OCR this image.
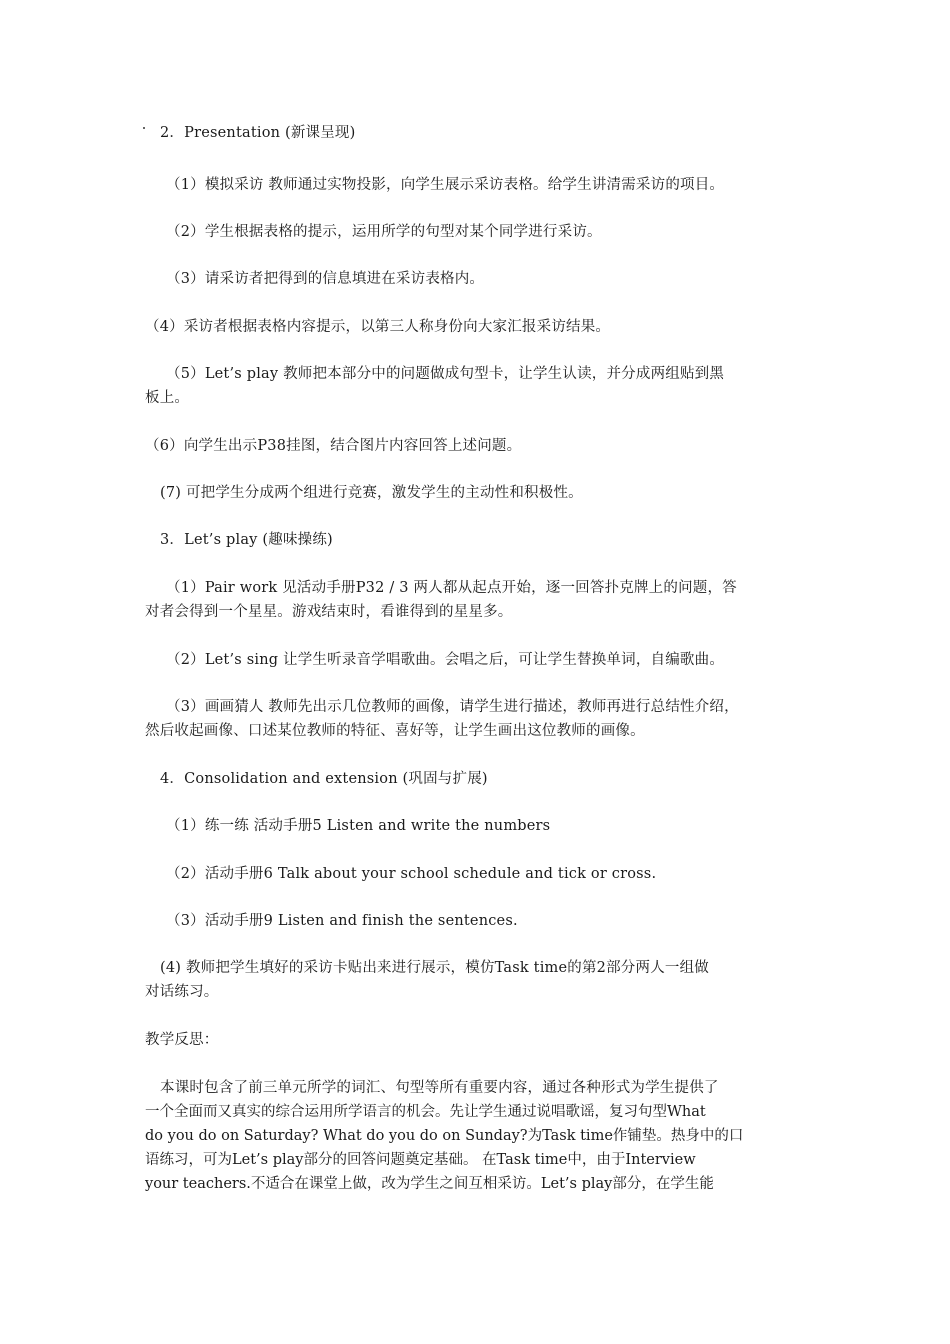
2．Presentation (新课呈现)
（1）模拟采访 教师通过实物投影，向学生展示采访表格。给学生讲清需采访的项目。
（2）学生根据表格的提示，运用所学的句型对某个同学进行采访。
（3）请采访者把得到的信息填进在采访表格内。
（4）采访者根据表格内容提示，以第三人称身份向大家汇报采访结果。
（5）Let’s play 教师把本部分中的问题做成句型卡，让学生认读，并分成两组贴到黑
板上。
（6）向学生出示P38挂图，结合图片内容回答上述问题。
(7) 可把学生分成两个组进行竞赛，激发学生的主动性和积极性。
3．Let’s play (趣味操练)
（1）Pair work 见活动手册P32 / 3 两人都从起点开始，逐一回答扑克牌上的问题，答
对者会得到一个星星。游戏结束时，看谁得到的星星多。
（2）Let’s sing 让学生听录音学唱歌曲。会唱之后，可让学生替换单词，自编歌曲。
（3）画画猜人 教师先出示几位教师的画像，请学生进行描述，教师再进行总结性介绍，
然后收起画像、口述某位教师的特征、喜好等，让学生画出这位教师的画像。
4．Consolidation and extension (巩固与扩展)
（1）练一练 活动手册5 Listen and write the numbers
（2）活动手册6 Talk about your school schedule and tick or cross.
（3）活动手册9 Listen and finish the sentences.
(4) 教师把学生填好的采访卡贴出来进行展示，模仿Task time的第2部分两人一组做
对话练习。
教学反思：
本课时包含了前三单元所学的词汇、句型等所有重要内容，通过各种形式为学生提供了
一个全面而又真实的综合运用所学语言的机会。先让学生通过说唱歌谣，复习句型What
do you do on Saturday? What do you do on Sunday?为Task time作铺垫。热身中的口
语练习，可为Let’s play部分的回答问题奠定基础。 在Task time中，由于Interview
your teachers.不适合在课堂上做，改为学生之间互相采访。Let’s play部分，在学生能
